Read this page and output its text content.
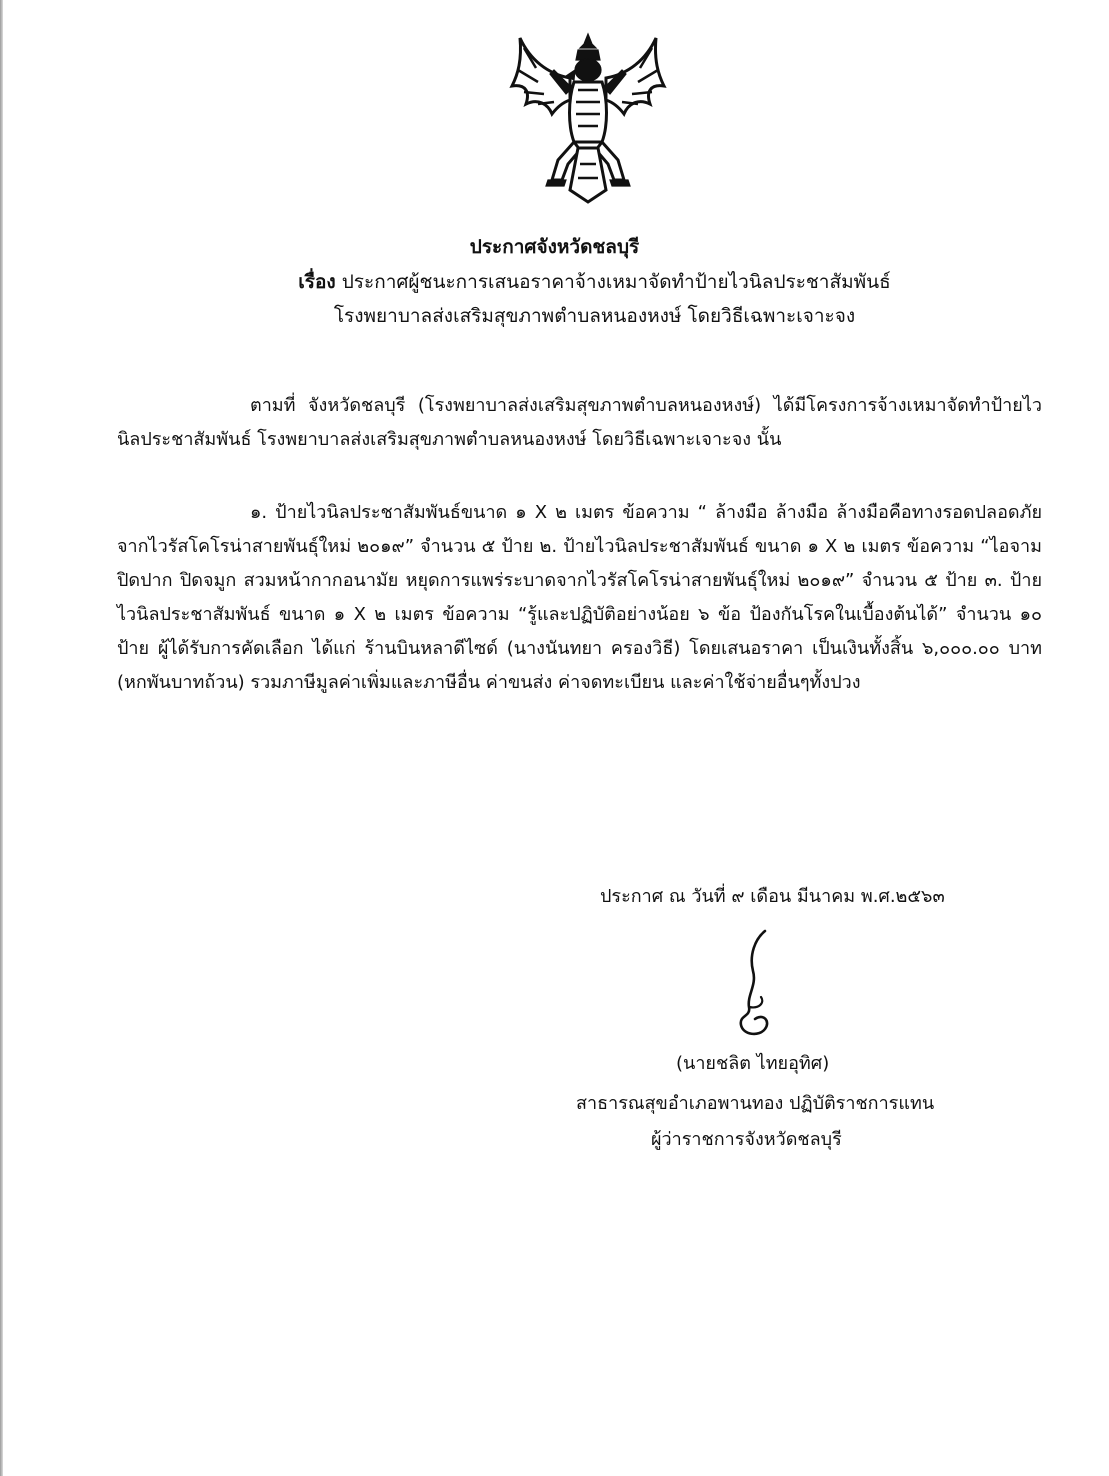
ประกาศจังหวัดชลบุรี
เรื่อง ประกาศผู้ชนะการเสนอราคาจ้างเหมาจัดทำป้ายไวนิลประชาสัมพันธ์
โรงพยาบาลส่งเสริมสุขภาพตำบลหนองหงษ์ โดยวิธีเฉพาะเจาะจง
ตามที่ จังหวัดชลบุรี (โรงพยาบาลส่งเสริมสุขภาพตำบลหนองหงษ์) ได้มีโครงการจ้างเหมาจัดทำป้ายไวนิลประชาสัมพันธ์ โรงพยาบาลส่งเสริมสุขภาพตำบลหนองหงษ์ โดยวิธีเฉพาะเจาะจง นั้น
๑. ป้ายไวนิลประชาสัมพันธ์ขนาด ๑ X ๒ เมตร ข้อความ “ ล้างมือ ล้างมือ ล้างมือคือทางรอดปลอดภัย จากไวรัสโคโรน่าสายพันธุ์ใหม่ ๒๐๑๙” จำนวน ๕ ป้าย ๒. ป้ายไวนิลประชาสัมพันธ์ ขนาด ๑ X ๒ เมตร ข้อความ “ไอจาม ปิดปาก ปิดจมูก สวมหน้ากากอนามัย หยุดการแพร่ระบาดจากไวรัสโคโรน่าสายพันธุ์ใหม่ ๒๐๑๙” จำนวน ๕ ป้าย ๓. ป้ายไวนิลประชาสัมพันธ์ ขนาด ๑ X ๒ เมตร ข้อความ “รู้และปฏิบัติอย่างน้อย ๖ ข้อ ป้องกันโรคในเบื้องต้นได้” จำนวน ๑๐ ป้าย ผู้ได้รับการคัดเลือก ได้แก่ ร้านบินหลาดีไซด์ (นางนันทยา ครองวิธี) โดยเสนอราคา เป็นเงินทั้งสิ้น ๖,๐๐๐.๐๐ บาท (หกพันบาทถ้วน) รวมภาษีมูลค่าเพิ่มและภาษีอื่น ค่าขนส่ง ค่าจดทะเบียน และค่าใช้จ่ายอื่นๆทั้งปวง
ประกาศ ณ วันที่ ๙ เดือน มีนาคม พ.ศ.๒๕๖๓
(นายชลิต ไทยอุทิศ)
สาธารณสุขอำเภอพานทอง ปฏิบัติราชการแทน
ผู้ว่าราชการจังหวัดชลบุรี
